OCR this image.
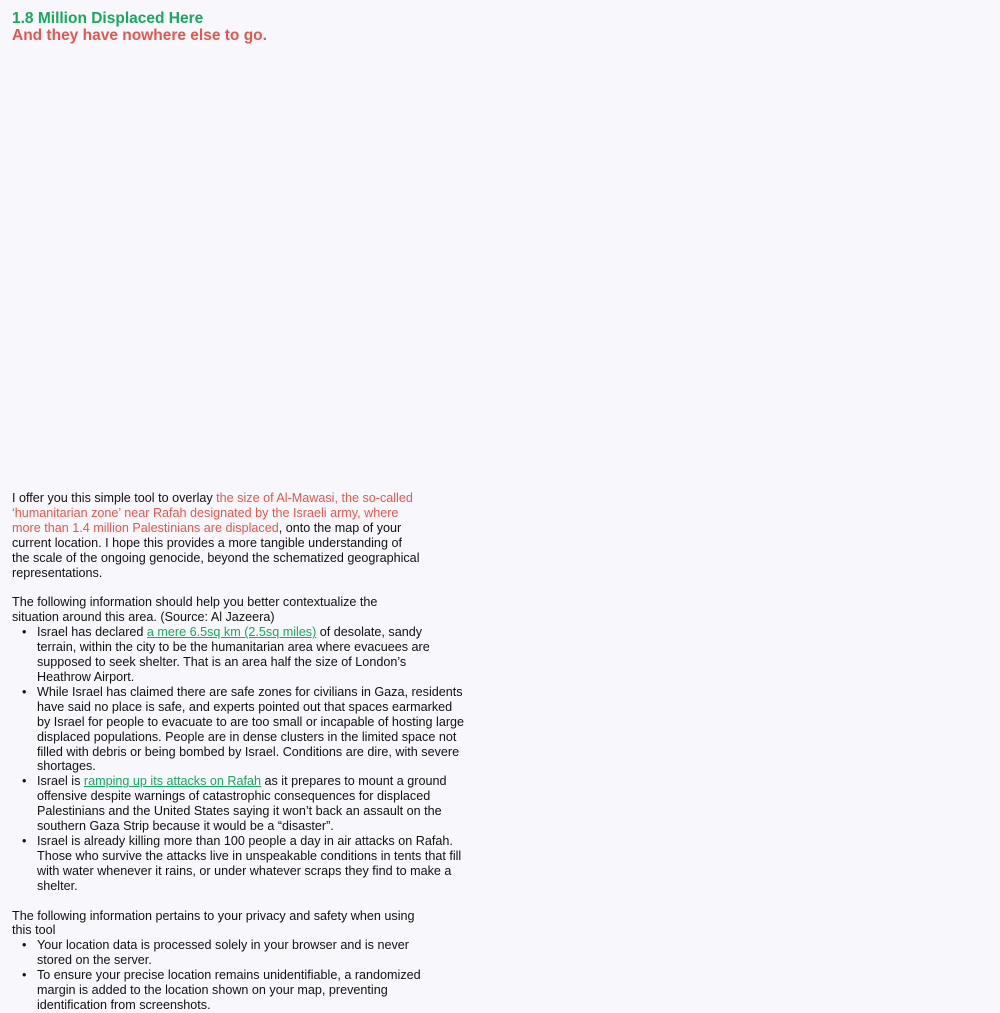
1.8 Million Displaced Here
And they have nowhere else to go.

I offer you this simple tool to overlay the size of Al-Mawasi, the so-called ‘humanitarian zone’ near Rafah designated by the Israeli army, where more than 1.4 million Palestinians are displaced, onto the map of your current location. I hope this provides a more tangible understanding of the scale of the ongoing genocide, beyond the schematized geographical representations.

The following information should help you better contextualize the situation around this area. (Source: Al Jazeera)

• Israel has declared a mere 6.5sq km (2.5sq miles) of desolate, sandy terrain, within the city to be the humanitarian area where evacuees are supposed to seek shelter. That is an area half the size of London’s Heathrow Airport.
• While Israel has claimed there are safe zones for civilians in Gaza, residents have said no place is safe, and experts pointed out that spaces earmarked by Israel for people to evacuate to are too small or incapable of hosting large displaced populations. People are in dense clusters in the limited space not filled with debris or being bombed by Israel. Conditions are dire, with severe shortages.
• Israel is ramping up its attacks on Rafah as it prepares to mount a ground offensive despite warnings of catastrophic consequences for displaced Palestinians and the United States saying it won’t back an assault on the southern Gaza Strip because it would be a “disaster”.
• Israel is already killing more than 100 people a day in air attacks on Rafah. Those who survive the attacks live in unspeakable conditions in tents that fill with water whenever it rains, or under whatever scraps they find to make a shelter.

The following information pertains to your privacy and safety when using this tool

• Your location data is processed solely in your browser and is never stored on the server.
• To ensure your precise location remains unidentifiable, a randomized margin is added to the location shown on your map, preventing identification from screenshots.
